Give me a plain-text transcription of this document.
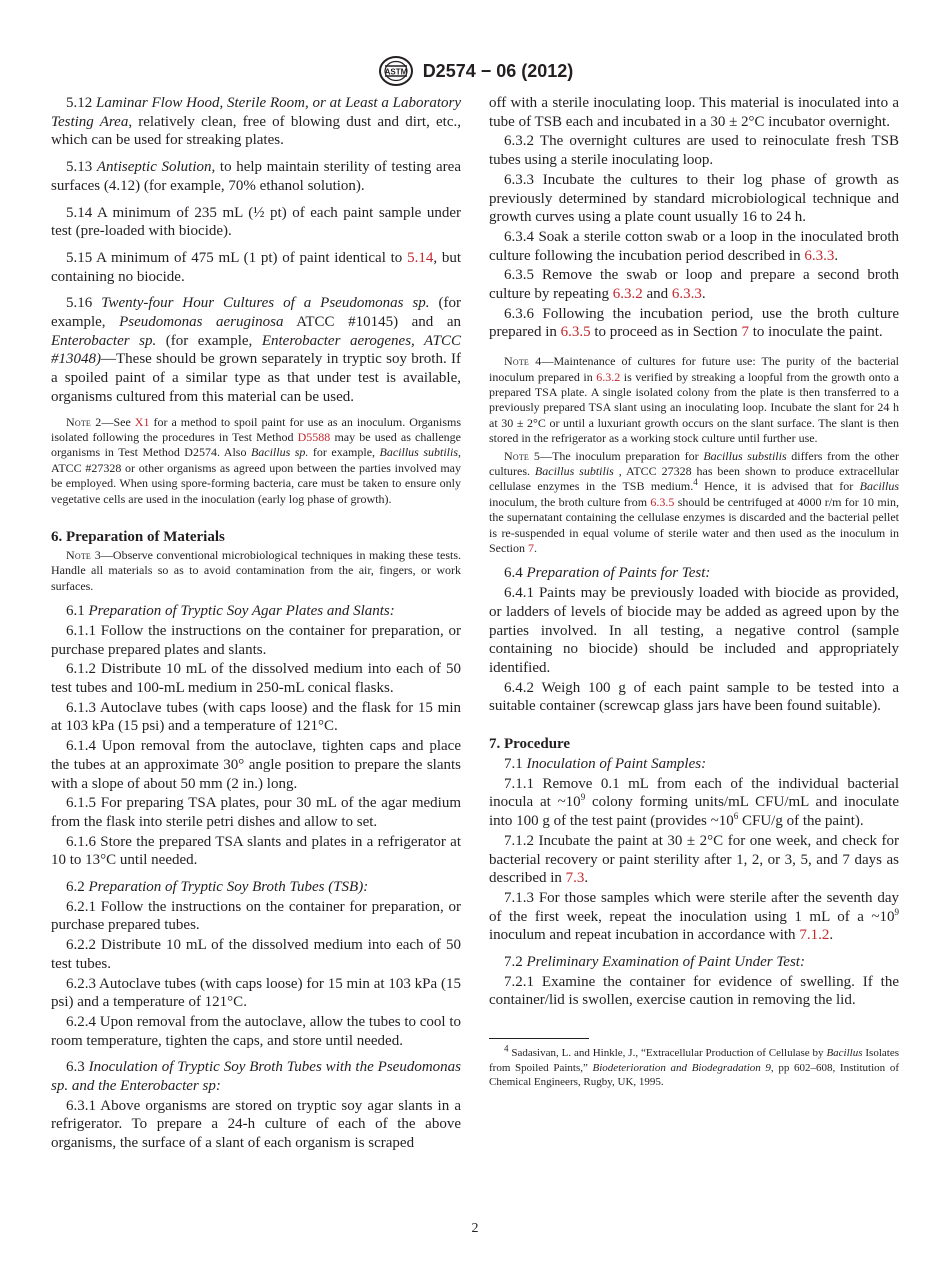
ASTM D2574 − 06 (2012)

5.12 Laminar Flow Hood, Sterile Room, or at Least a Laboratory Testing Area, relatively clean, free of blowing dust and dirt, etc., which can be used for streaking plates.

5.13 Antiseptic Solution, to help maintain sterility of testing area surfaces (4.12) (for example, 70% ethanol solution).

5.14 A minimum of 235 mL (½ pt) of each paint sample under test (pre-loaded with biocide).

5.15 A minimum of 475 mL (1 pt) of paint identical to 5.14, but containing no biocide.

5.16 Twenty-four Hour Cultures of a Pseudomonas sp. (for example, Pseudomonas aeruginosa ATCC #10145) and an Enterobacter sp. (for example, Enterobacter aerogenes, ATCC #13048)—These should be grown separately in tryptic soy broth. If a spoiled paint of a similar type as that under test is available, organisms cultured from this material can be used.

Note 2—See X1 for a method to spoil paint for use as an inoculum. Organisms isolated following the procedures in Test Method D5588 may be used as challenge organisms in Test Method D2574. Also Bacillus sp. for example, Bacillus subtilis, ATCC #27328 or other organisms as agreed upon between the parties involved may be employed. When using spore-forming bacteria, care must be taken to ensure only vegetative cells are used in the inoculation (early log phase of growth).
6. Preparation of Materials
Note 3—Observe conventional microbiological techniques in making these tests. Handle all materials so as to avoid contamination from the air, fingers, or work surfaces.

6.1 Preparation of Tryptic Soy Agar Plates and Slants:

6.1.1 Follow the instructions on the container for preparation, or purchase prepared plates and slants.

6.1.2 Distribute 10 mL of the dissolved medium into each of 50 test tubes and 100-mL medium in 250-mL conical flasks.

6.1.3 Autoclave tubes (with caps loose) and the flask for 15 min at 103 kPa (15 psi) and a temperature of 121°C.

6.1.4 Upon removal from the autoclave, tighten caps and place the tubes at an approximate 30° angle position to prepare the slants with a slope of about 50 mm (2 in.) long.

6.1.5 For preparing TSA plates, pour 30 mL of the agar medium from the flask into sterile petri dishes and allow to set.

6.1.6 Store the prepared TSA slants and plates in a refrigerator at 10 to 13°C until needed.

6.2 Preparation of Tryptic Soy Broth Tubes (TSB):

6.2.1 Follow the instructions on the container for preparation, or purchase prepared tubes.

6.2.2 Distribute 10 mL of the dissolved medium into each of 50 test tubes.

6.2.3 Autoclave tubes (with caps loose) for 15 min at 103 kPa (15 psi) and a temperature of 121°C.

6.2.4 Upon removal from the autoclave, allow the tubes to cool to room temperature, tighten the caps, and store until needed.

6.3 Inoculation of Tryptic Soy Broth Tubes with the Pseudomonas sp. and the Enterobacter sp:

6.3.1 Above organisms are stored on tryptic soy agar slants in a refrigerator. To prepare a 24-h culture of each of the above organisms, the surface of a slant of each organism is scraped

off with a sterile inoculating loop. This material is inoculated into a tube of TSB each and incubated in a 30 ± 2°C incubator overnight.

6.3.2 The overnight cultures are used to reinoculate fresh TSB tubes using a sterile inoculating loop.

6.3.3 Incubate the cultures to their log phase of growth as previously determined by standard microbiological technique and growth curves using a plate count usually 16 to 24 h.

6.3.4 Soak a sterile cotton swab or a loop in the inoculated broth culture following the incubation period described in 6.3.3.

6.3.5 Remove the swab or loop and prepare a second broth culture by repeating 6.3.2 and 6.3.3.

6.3.6 Following the incubation period, use the broth culture prepared in 6.3.5 to proceed as in Section 7 to inoculate the paint.

Note 4—Maintenance of cultures for future use: The purity of the bacterial inoculum prepared in 6.3.2 is verified by streaking a loopful from the growth onto a prepared TSA plate. A single isolated colony from the plate is then transferred to a previously prepared TSA slant using an inoculating loop. Incubate the slant for 24 h at 30 ± 2°C or until a luxuriant growth occurs on the slant surface. The slant is then stored in the refrigerator as a working stock culture until further use.
Note 5—The inoculum preparation for Bacillus substilis differs from the other cultures. Bacillus subtilis , ATCC 27328 has been shown to produce extracellular cellulase enzymes in the TSB medium.$^4$ Hence, it is advised that for Bacillus inoculum, the broth culture from 6.3.5 should be centrifuged at 4000 r/m for 10 min, the supernatant containing the cellulase enzymes is discarded and the bacterial pellet is re-suspended in equal volume of sterile water and then used as the inoculum in Section 7.

6.4 Preparation of Paints for Test:

6.4.1 Paints may be previously loaded with biocide as provided, or ladders of levels of biocide may be added as agreed upon by the parties involved. In all testing, a negative control (sample containing no biocide) should be included and appropriately identified.

6.4.2 Weigh 100 g of each paint sample to be tested into a suitable container (screwcap glass jars have been found suitable).

7. Procedure

7.1 Inoculation of Paint Samples:

7.1.1 Remove 0.1 mL from each of the individual bacterial inocula at $\sim 10^9$ colony forming units/mL CFU/mL and inoculate into 100 g of the test paint (provides $\sim 10^6$ CFU/g of the paint).

7.1.2 Incubate the paint at 30 ± 2°C for one week, and check for bacterial recovery or paint sterility after 1, 2, or 3, 5, and 7 days as described in 7.3.

7.1.3 For those samples which were sterile after the seventh day of the first week, repeat the inoculation using 1 mL of a $\sim 10^9$ inoculum and repeat incubation in accordance with 7.1.2.

7.2 Preliminary Examination of Paint Under Test:

7.2.1 Examine the container for evidence of swelling. If the container/lid is swollen, exercise caution in removing the lid.

$^4$ Sadasivan, L. and Hinkle, J., “Extracellular Production of Cellulase by Bacillus Isolates from Spoiled Paints,” Biodeterioration and Biodegradation 9, pp 602–608, Institution of Chemical Engineers, Rugby, UK, 1995.
2
